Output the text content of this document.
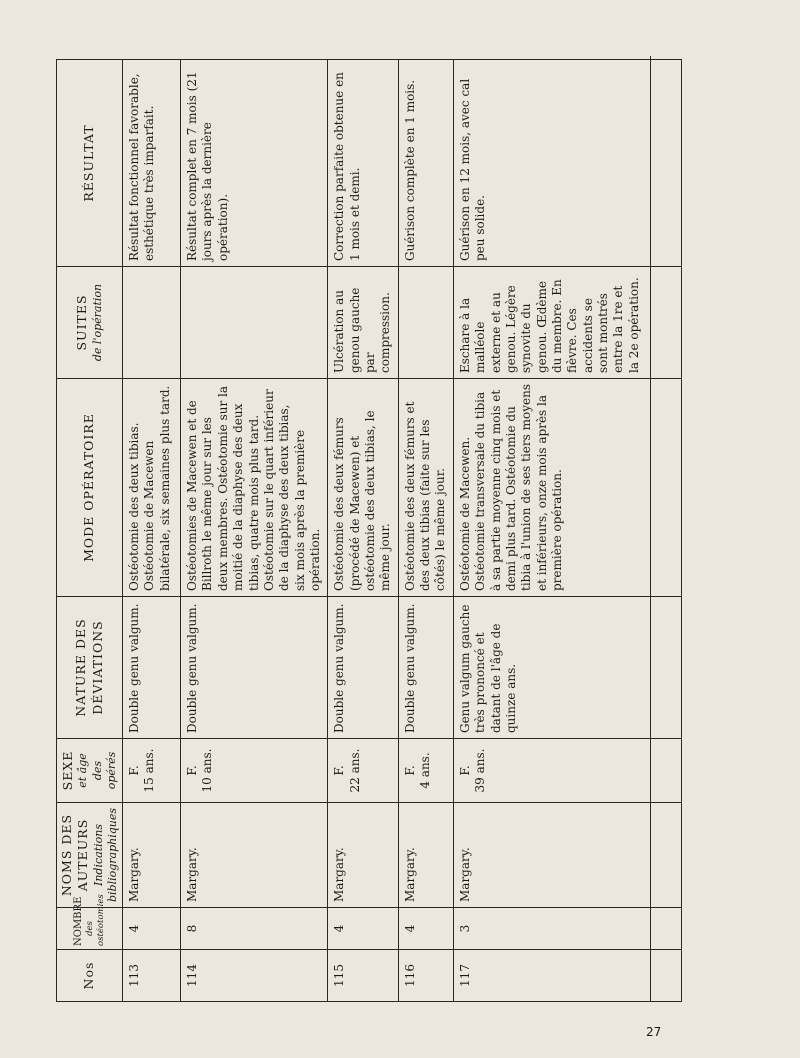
Nos	NOMBRE des ostéotomies	NOMS DES AUTEURS Indications bibliographiques	SEXE et âge des opérés	NATURE DES DÉVIATIONS	MODE OPÉRATOIRE	SUITES de l'opération	RÉSULTAT

113	4	Margary.	F. 15 ans.	Double genu valgum.	Ostéotomie des deux tibias. Ostéotomie de Macewen bilatérale, six semaines plus tard.		Résultat fonctionnel favorable, esthétique très imparfait.
114	8	Margary.	F. 10 ans.	Double genu valgum.	Ostéotomies de Macewen et de Billroth le même jour sur les deux membres. Ostéotomie sur la moitié de la diaphyse des deux tibias, quatre mois plus tard. Ostéotomie sur le quart inférieur de la diaphyse des deux tibias, six mois après la première opération.		Résultat complet en 7 mois (21 jours après la dernière opération).
115	4	Margary.	F. 22 ans.	Double genu valgum.	Ostéotomie des deux fémurs (procédé de Macewen) et ostéotomie des deux tibias, le même jour.	Ulcération au genou gauche par compression.	Correction parfaite obtenue en 1 mois et demi.
116	4	Margary.	F. 4 ans.	Double genu valgum.	Ostéotomie des deux fémurs et des deux tibias (faite sur les côtés) le même jour.		Guérison complète en 1 mois.
117	3	Margary.	F. 39 ans.	Genu valgum gauche très prononcé et datant de l'âge de quinze ans.	Ostéotomie de Macewen. Ostéotomie transversale du tibia à sa partie moyenne cinq mois et demi plus tard. Ostéotomie du tibia à l'union de ses tiers moyens et inférieurs, onze mois après la première opération.	Eschare à la malléole externe et au genou. Légère synovite du genou. Œdème du membre. En fièvre. Ces accidents se sont montrés entre la 1re et la 2e opération.	Guérison en 12 mois, avec cal peu solide.
27
